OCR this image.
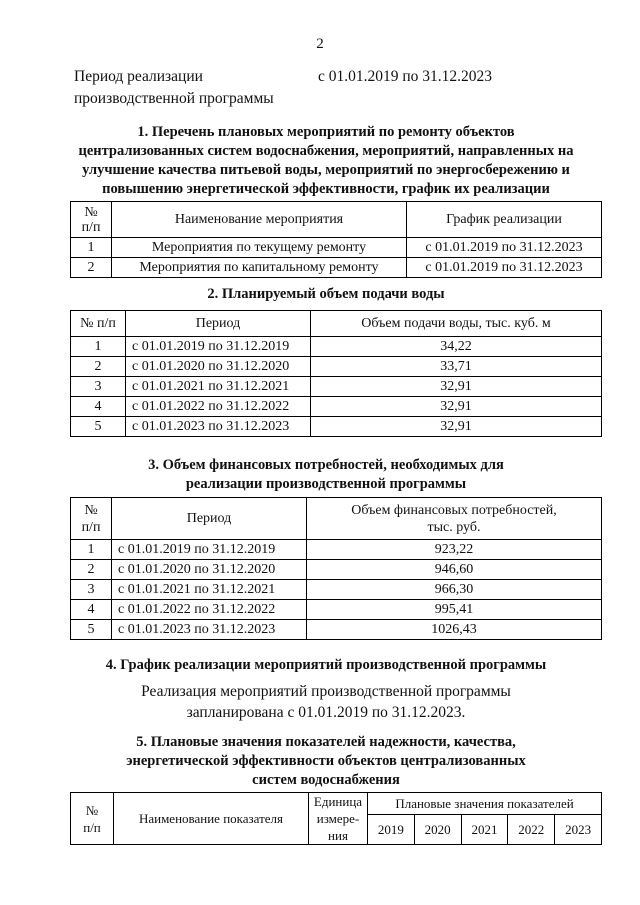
2
Период реализации
производственной программы
с 01.01.2019 по 31.12.2023
1. Перечень плановых мероприятий по ремонту объектов
централизованных систем водоснабжения, мероприятий, направленных на
улучшение качества питьевой воды, мероприятий по энергосбережению и
повышению энергетической эффективности, график их реализации
№
п/п	Наименование мероприятия	График реализации
1	Мероприятия по текущему ремонту	с 01.01.2019 по 31.12.2023
2	Мероприятия по капитальному ремонту	с 01.01.2019 по 31.12.2023
2. Планируемый объем подачи воды
№ п/п	Период	Объем подачи воды, тыс. куб. м
1	с 01.01.2019 по 31.12.2019	34,22
2	с 01.01.2020 по 31.12.2020	33,71
3	с 01.01.2021 по 31.12.2021	32,91
4	с 01.01.2022 по 31.12.2022	32,91
5	с 01.01.2023 по 31.12.2023	32,91
3. Объем финансовых потребностей, необходимых для
реализации производственной программы
№
п/п	Период	Объем финансовых потребностей,
тыс. руб.
1	с 01.01.2019 по 31.12.2019	923,22
2	с 01.01.2020 по 31.12.2020	946,60
3	с 01.01.2021 по 31.12.2021	966,30
4	с 01.01.2022 по 31.12.2022	995,41
5	с 01.01.2023 по 31.12.2023	1026,43
4. График реализации мероприятий производственной программы
Реализация мероприятий производственной программы
запланирована с 01.01.2019 по 31.12.2023.
5. Плановые значения показателей надежности, качества,
энергетической эффективности объектов централизованных
систем водоснабжения
№
п/п	Наименование показателя	Единица
измере-
ния	Плановые значения показателей				
			2019	2020	2021	2022	2023
